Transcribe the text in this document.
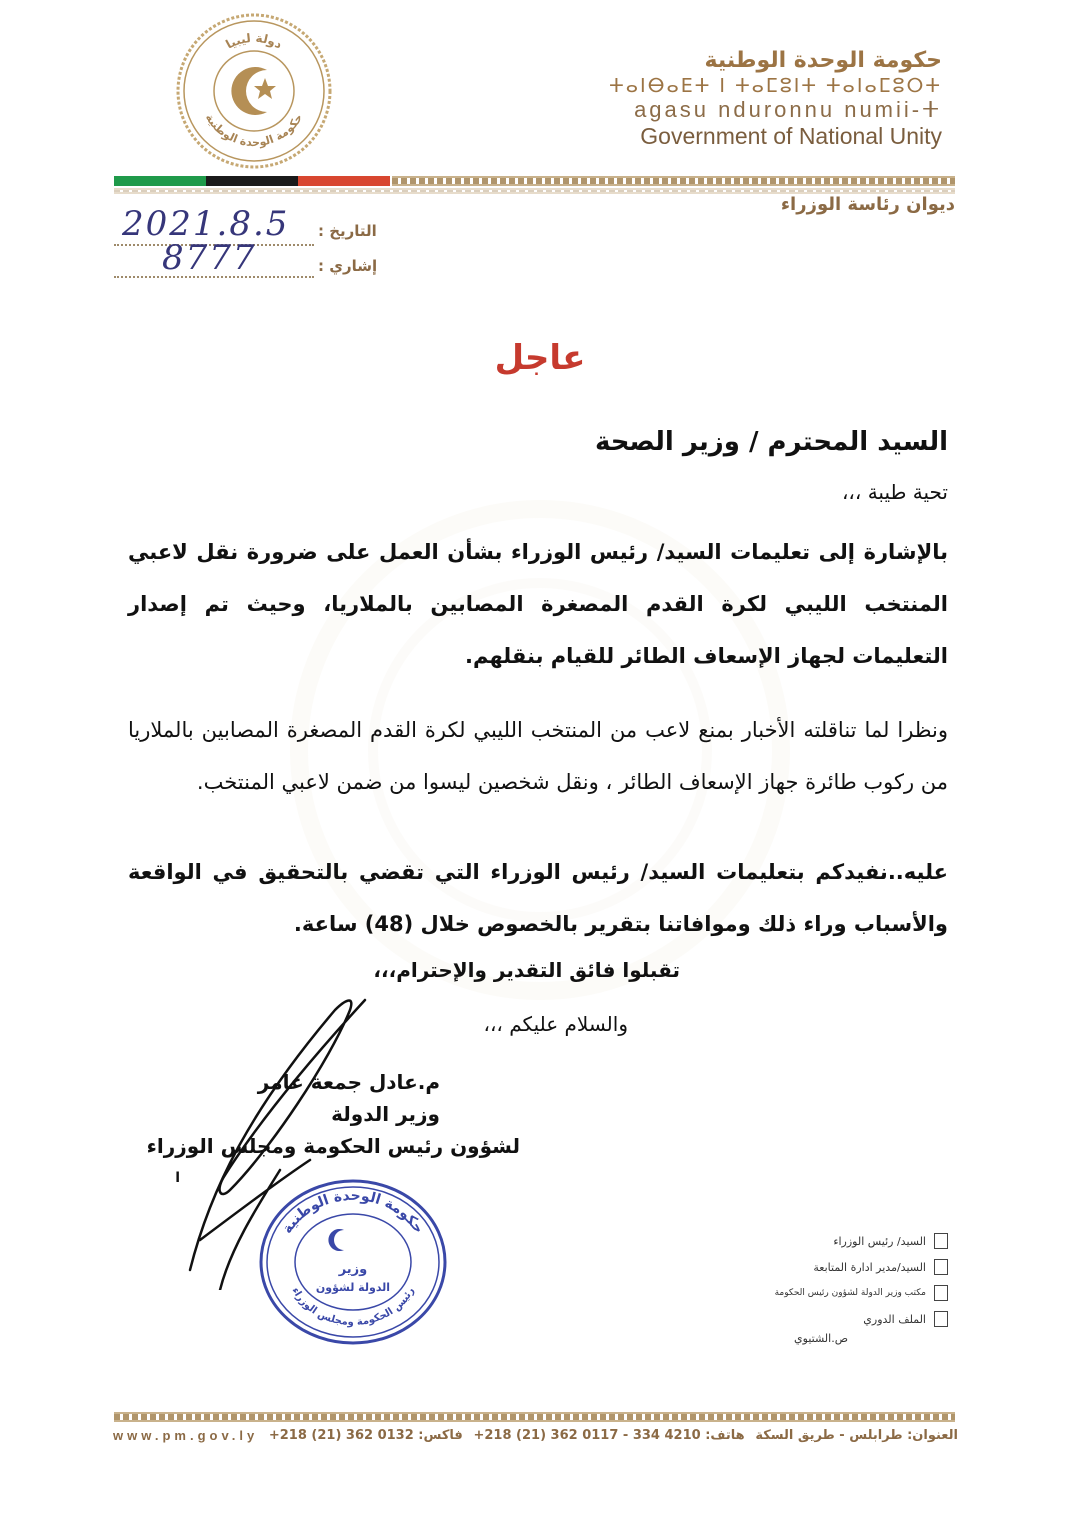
دولة ليبيا
حكومة الوحدة الوطنية
حكومة الوحدة الوطنية
ⵜⴰⵏⴱⴰⴹⵜ ⵏ ⵜⴰⵎⵓⵏⵜ ⵜⴰⵏⴰⵎⵓⵔⵜ
agasu nduronnu numii-ⵜ
Government of National Unity
ديوان رئاسة الوزراء
التاريخ :
2021.8.5
إشاري :
8777
عاجل
السيد المحترم / وزير الصحة
تحية طيبة ،،،
بالإشارة إلى تعليمات السيد/ رئيس الوزراء بشأن العمل على ضرورة نقل لاعبي المنتخب الليبي لكرة القدم المصغرة المصابين بالملاريا، وحيث تم إصدار التعليمات لجهاز الإسعاف الطائر للقيام بنقلهم.
ونظرا لما تناقلته الأخبار بمنع لاعب من المنتخب الليبي لكرة القدم المصغرة المصابين بالملاريا من ركوب طائرة جهاز الإسعاف الطائر ، ونقل شخصين ليسوا من ضمن لاعبي المنتخب.
عليه..نفيدكم بتعليمات السيد/ رئيس الوزراء التي تقضي بالتحقيق في الواقعة والأسباب وراء ذلك وموافاتنا بتقرير بالخصوص خلال (48) ساعة.
تقبلوا فائق التقدير والإحترام،،،
والسلام عليكم ،،،
م.عادل جمعة عامر
وزير الدولة
لشؤون رئيس الحكومة ومجلس الوزراء
ا
حكومة الوحدة الوطنية
رئيس الحكومة ومجلس الوزراء
وزير
الدولة لشؤون
السيد/ رئيس الوزراء
السيد/مدير ادارة المتابعة
مكتب وزير الدولة لشؤون رئيس الحكومة
الملف الدوري
ص.الشتيوي
العنوان: طرابلس - طريق السكة
هاتف: 4210 334 - 0117 362 (21) 218+
فاكس: 0132 362 (21) 218+
www.pm.gov.ly
